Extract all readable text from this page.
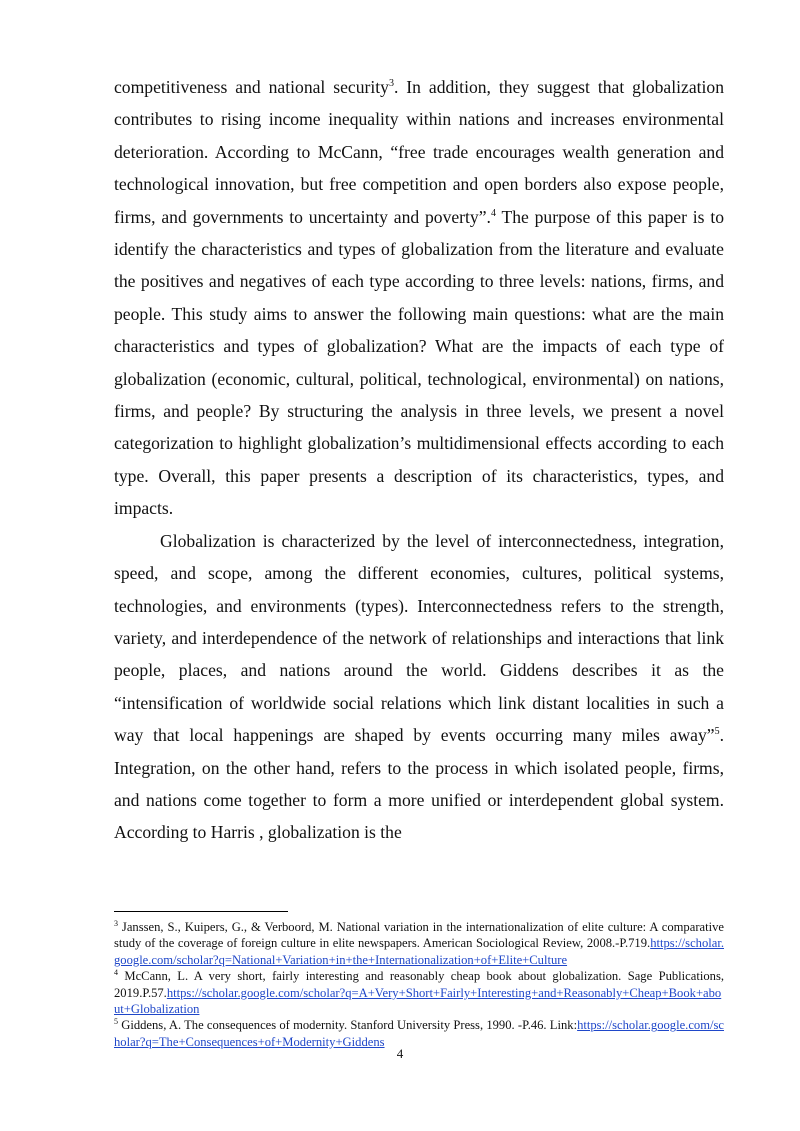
competitiveness and national security$^3$. In addition, they suggest that globalization contributes to rising income inequality within nations and increases environmental deterioration. According to McCann, “free trade encourages wealth generation and technological innovation, but free competition and open borders also expose people, firms, and governments to uncertainty and poverty”.$^4$ The purpose of this paper is to identify the characteristics and types of globalization from the literature and evaluate the positives and negatives of each type according to three levels: nations, firms, and people. This study aims to answer the following main questions: what are the main characteristics and types of globalization? What are the impacts of each type of globalization (economic, cultural, political, technological, environmental) on nations, firms, and people? By structuring the analysis in three levels, we present a novel categorization to highlight globalization’s multidimensional effects according to each type. Overall, this paper presents a description of its characteristics, types, and impacts.

Globalization is characterized by the level of interconnectedness, integration, speed, and scope, among the different economies, cultures, political systems, technologies, and environments (types). Interconnectedness refers to the strength, variety, and interdependence of the network of relationships and interactions that link people, places, and nations around the world. Giddens describes it as the “intensification of worldwide social relations which link distant localities in such a way that local happenings are shaped by events occurring many miles away”$^5$. Integration, on the other hand, refers to the process in which isolated people, firms, and nations come together to form a more unified or interdependent global system. According to Harris , globalization is the

$^3$ Janssen, S., Kuipers, G., & Verboord, M. National variation in the internationalization of elite culture: A comparative study of the coverage of foreign culture in elite newspapers. American Sociological Review, 2008.-P.719.https://scholar.google.com/scholar?q=National+Variation+in+the+Internationalization+of+Elite+Culture

$^4$ McCann, L. A very short, fairly interesting and reasonably cheap book about globalization. Sage Publications, 2019.P.57.https://scholar.google.com/scholar?q=A+Very+Short+Fairly+Interesting+and+Reasonably+Cheap+Book+about+Globalization

$^5$ Giddens, A. The consequences of modernity. Stanford University Press, 1990. -P.46. Link:https://scholar.google.com/scholar?q=The+Consequences+of+Modernity+Giddens

4
